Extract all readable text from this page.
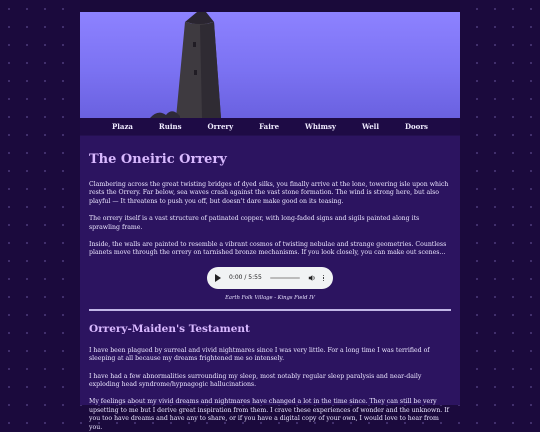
Plaza	Ruins	Orrery	Faire	Whimsy	Well	Doors
The Oneiric Orrery

Clambering across the great twisting bridges of dyed silks, you finally arrive at the lone, towering isle upon which rests the Orrery. Far below, sea waves crash against the vast stone formation. The wind is strong here, but also playful — It threatens to push you off, but doesn't dare make good on its teasing.

The orrery itself is a vast structure of patinated copper, with long-faded signs and sigils painted along its sprawling frame.

Inside, the walls are painted to resemble a vibrant cosmos of twisting nebulae and strange geometries. Countless planets move through the orrery on tarnished bronze mechanisms. If you look closely, you can make out scenes...

0:00 / 5:55
Earth Folk Village - Kings Field IV
Orrery-Maiden's Testament

I have been plagued by surreal and vivid nightmares since I was very little. For a long time I was terrified of sleeping at all because my dreams frightened me so intensely.

I have had a few abnormalities surrounding my sleep, most notably regular sleep paralysis and near-daily exploding head syndrome/hypnagogic hallucinations.

My feelings about my vivid dreams and nightmares have changed a lot in the time since. They can still be very upsetting to me but I derive great inspiration from them. I crave these experiences of wonder and the unknown. If you too have dreams and have any to share, or if you have a digital copy of your own, I would love to hear from you.
